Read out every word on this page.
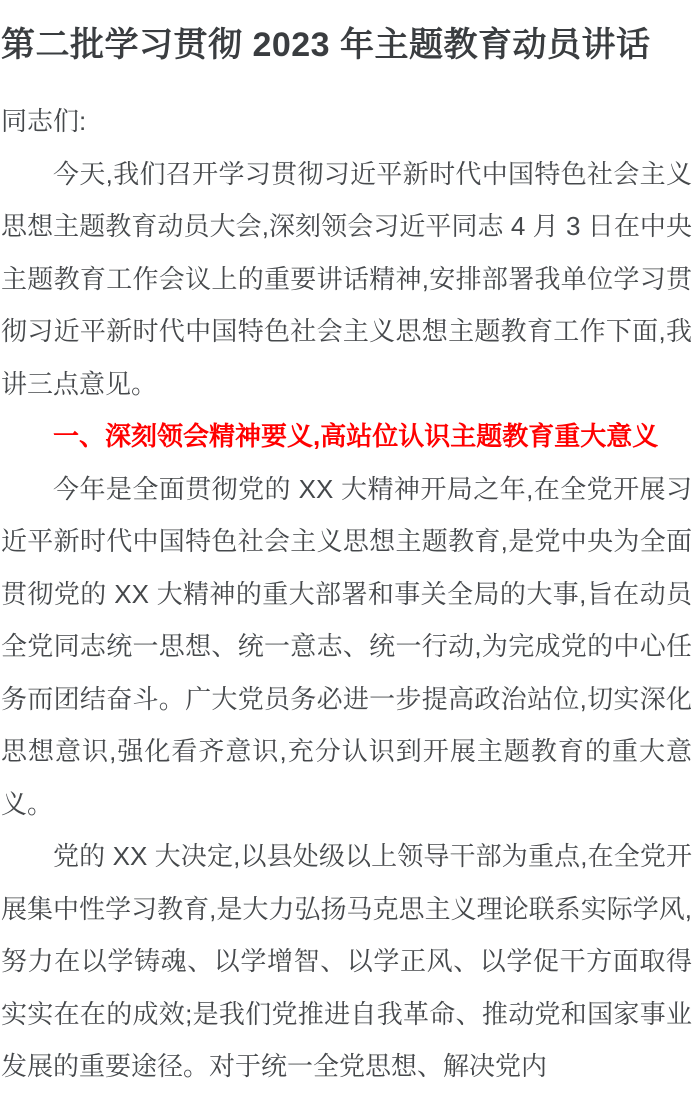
第二批学习贯彻 2023 年主题教育动员讲话

同志们:

今天,我们召开学习贯彻习近平新时代中国特色社会主义思想主题教育动员大会,深刻领会习近平同志 4 月 3 日在中央主题教育工作会议上的重要讲话精神,安排部署我单位学习贯彻习近平新时代中国特色社会主义思想主题教育工作下面,我讲三点意见。

一、深刻领会精神要义,高站位认识主题教育重大意义

今年是全面贯彻党的 XX 大精神开局之年,在全党开展习近平新时代中国特色社会主义思想主题教育,是党中央为全面贯彻党的 XX 大精神的重大部署和事关全局的大事,旨在动员全党同志统一思想、统一意志、统一行动,为完成党的中心任务而团结奋斗。广大党员务必进一步提高政治站位,切实深化思想意识,强化看齐意识,充分认识到开展主题教育的重大意义。

党的 XX 大决定,以县处级以上领导干部为重点,在全党开展集中性学习教育,是大力弘扬马克思主义理论联系实际学风,努力在以学铸魂、以学增智、以学正风、以学促干方面取得实实在在的成效;是我们党推进自我革命、推动党和国家事业发展的重要途径。对于统一全党思想、解决党内
